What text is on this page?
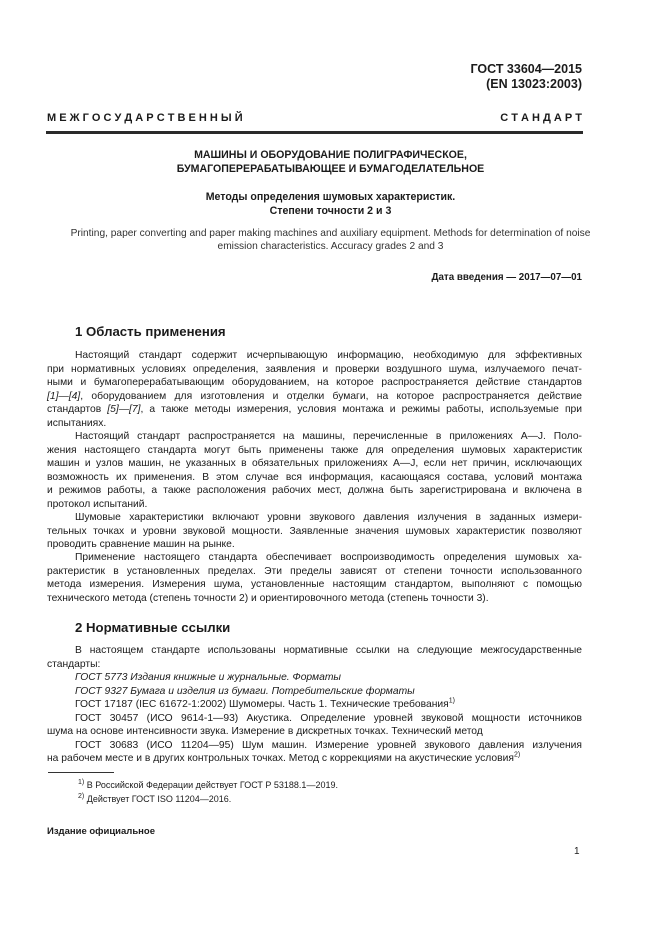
ГОСТ 33604—2015
(EN 13023:2003)
М Е Ж Г О С У Д А Р С Т В Е Н Н Ы Й	С Т А Н Д А Р Т
МАШИНЫ И ОБОРУДОВАНИЕ ПОЛИГРАФИЧЕСКОЕ,
БУМАГОПЕРЕРАБАТЫВАЮЩЕЕ И БУМАГОДЕЛАТЕЛЬНОЕ
Методы определения шумовых характеристик.
Степени точности 2 и 3
Printing, paper converting and paper making machines and auxiliary equipment. Methods for determination of noise
emission characteristics. Accuracy grades 2 and 3
Дата введения — 2017—07—01
1 Область применения
Настоящий стандарт содержит исчерпывающую информацию, необходимую для эффективных
при нормативных условиях определения, заявления и проверки воздушного шума, излучаемого печат-
ными и бумагоперерабатывающим оборудованием, на которое распространяется действие стандартов
[1]—[4], оборудованием для изготовления и отделки бумаги, на которое распространяется действие
стандартов [5]—[7], а также методы измерения, условия монтажа и режимы работы, используемые при
испытаниях.
Настоящий стандарт распространяется на машины, перечисленные в приложениях А—J. Поло-
жения настоящего стандарта могут быть применены также для определения шумовых характеристик
машин и узлов машин, не указанных в обязательных приложениях А—J, если нет причин, исключающих
возможность их применения. В этом случае вся информация, касающаяся состава, условий монтажа
и режимов работы, а также расположения рабочих мест, должна быть зарегистрирована и включена в
протокол испытаний.
Шумовые характеристики включают уровни звукового давления излучения в заданных измери-
тельных точках и уровни звуковой мощности. Заявленные значения шумовых характеристик позволяют
проводить сравнение машин на рынке.
Применение настоящего стандарта обеспечивает воспроизводимость определения шумовых ха-
рактеристик в установленных пределах. Эти пределы зависят от степени точности использованного
метода измерения. Измерения шума, установленные настоящим стандартом, выполняют с помощью
технического метода (степень точности 2) и ориентировочного метода (степень точности 3).
2 Нормативные ссылки
В настоящем стандарте использованы нормативные ссылки на следующие межгосударственные
стандарты:
ГОСТ 5773 Издания книжные и журнальные. Форматы
ГОСТ 9327 Бумага и изделия из бумаги. Потребительские форматы
ГОСТ 17187 (IEC 61672-1:2002) Шумомеры. Часть 1. Технические требования$^{1)}$
ГОСТ 30457 (ИСО 9614-1—93) Акустика. Определение уровней звуковой мощности источников
шума на основе интенсивности звука. Измерение в дискретных точках. Технический метод
ГОСТ 30683 (ИСО 11204—95) Шум машин. Измерение уровней звукового давления излучения
на рабочем месте и в других контрольных точках. Метод с коррекциями на акустические условия$^{2)}$
$^{1)}$ В Российской Федерации действует ГОСТ Р 53188.1—2019.
$^{2)}$ Действует ГОСТ ISO 11204—2016.
Издание официальное
1
